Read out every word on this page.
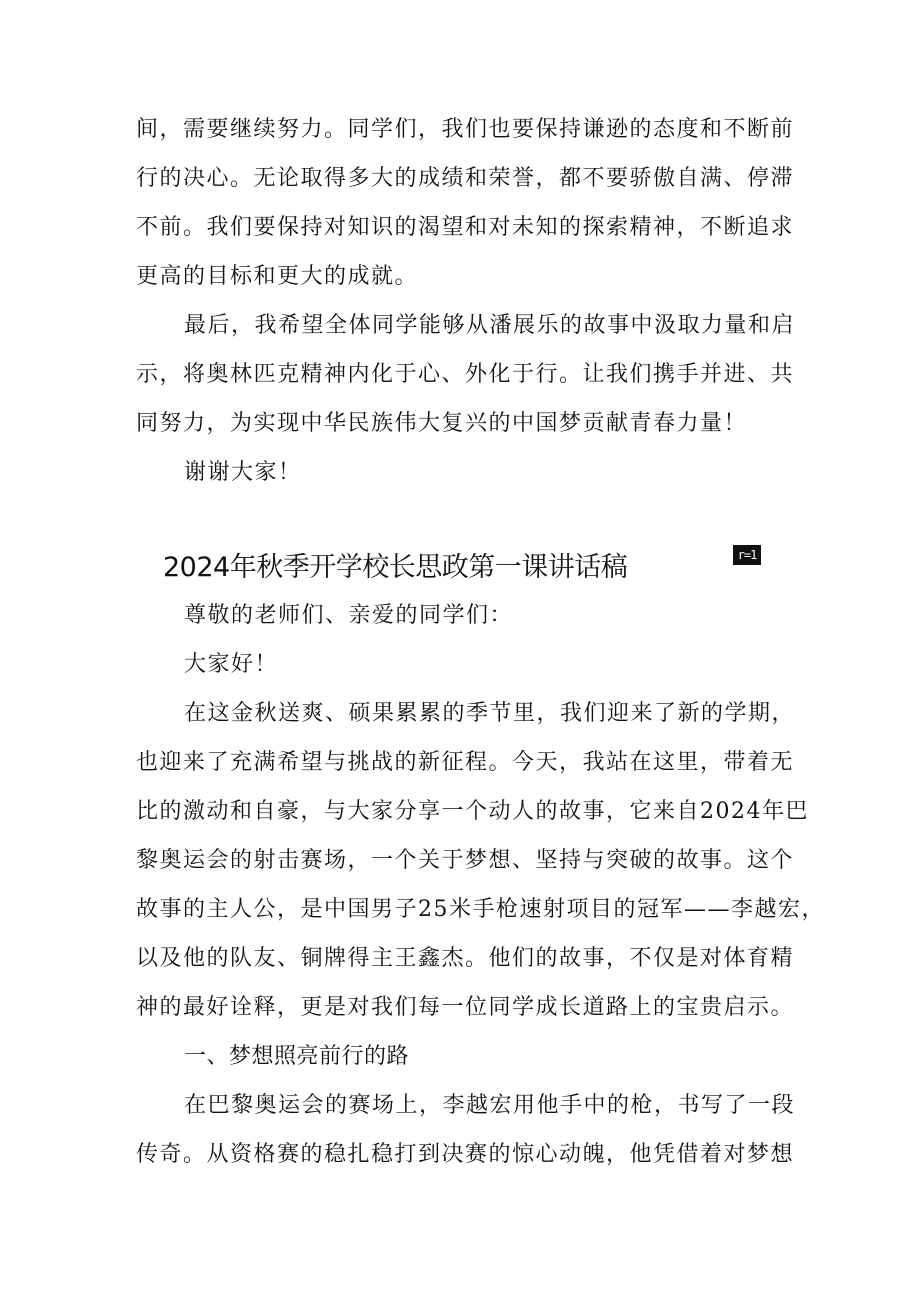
间，需要继续努力。同学们，我们也要保持谦逊的态度和不断前
行的决心。无论取得多大的成绩和荣誉，都不要骄傲自满、停滞
不前。我们要保持对知识的渴望和对未知的探索精神，不断追求
更高的目标和更大的成就。
最后，我希望全体同学能够从潘展乐的故事中汲取力量和启
示，将奥林匹克精神内化于心、外化于行。让我们携手并进、共
同努力，为实现中华民族伟大复兴的中国梦贡献青春力量！
谢谢大家！
2024年秋季开学校长思政第一课讲话稿	r=1
尊敬的老师们、亲爱的同学们：
大家好！
在这金秋送爽、硕果累累的季节里，我们迎来了新的学期，
也迎来了充满希望与挑战的新征程。今天，我站在这里，带着无
比的激动和自豪，与大家分享一个动人的故事，它来自2024年巴
黎奥运会的射击赛场，一个关于梦想、坚持与突破的故事。这个
故事的主人公，是中国男子25米手枪速射项目的冠军——李越宏，
以及他的队友、铜牌得主王鑫杰。他们的故事，不仅是对体育精
神的最好诠释，更是对我们每一位同学成长道路上的宝贵启示。
一、梦想照亮前行的路
在巴黎奥运会的赛场上，李越宏用他手中的枪，书写了一段
传奇。从资格赛的稳扎稳打到决赛的惊心动魄，他凭借着对梦想
